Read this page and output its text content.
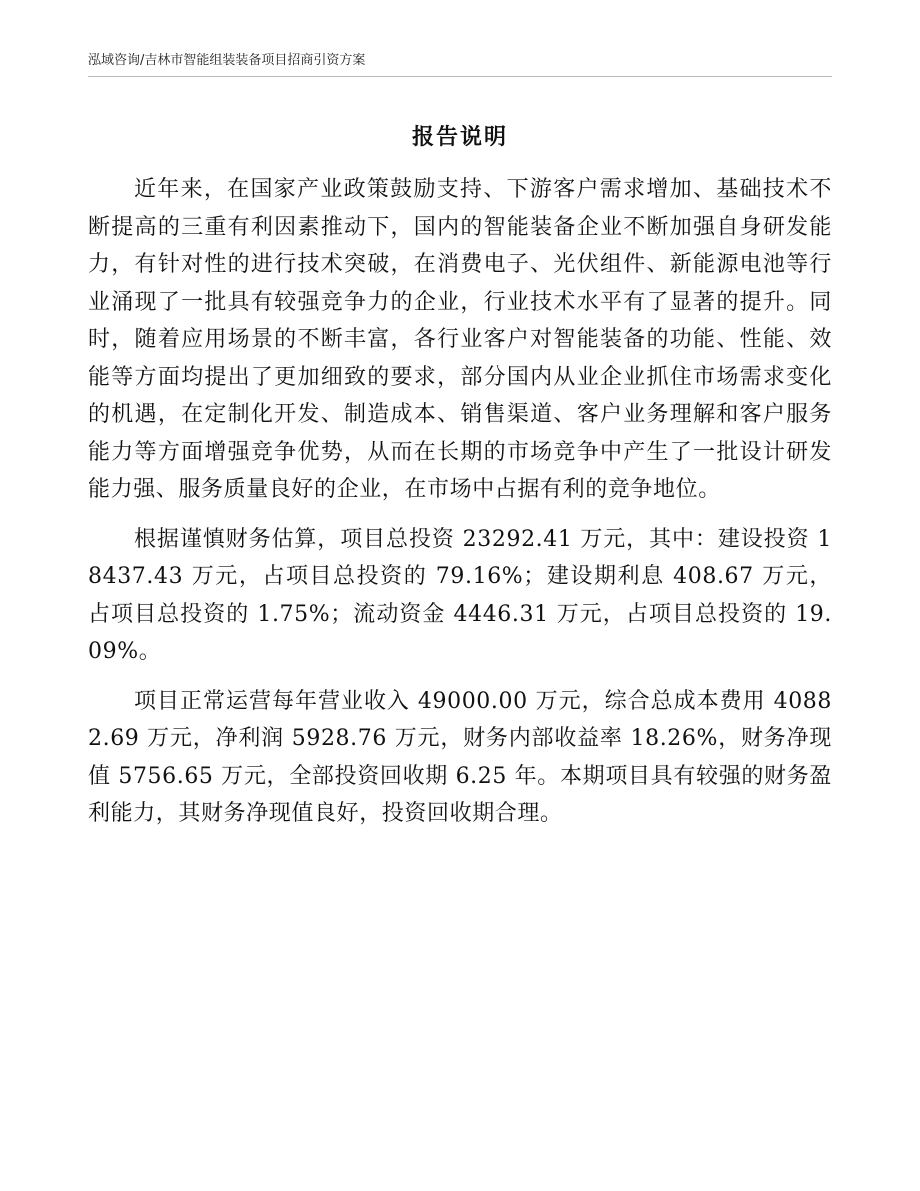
泓域咨询/吉林市智能组装装备项目招商引资方案
报告说明

近年来，在国家产业政策鼓励支持、下游客户需求增加、基础技术不断提高的三重有利因素推动下，国内的智能装备企业不断加强自身研发能力，有针对性的进行技术突破，在消费电子、光伏组件、新能源电池等行业涌现了一批具有较强竞争力的企业，行业技术水平有了显著的提升。同时，随着应用场景的不断丰富，各行业客户对智能装备的功能、性能、效能等方面均提出了更加细致的要求，部分国内从业企业抓住市场需求变化的机遇，在定制化开发、制造成本、销售渠道、客户业务理解和客户服务能力等方面增强竞争优势，从而在长期的市场竞争中产生了一批设计研发能力强、服务质量良好的企业，在市场中占据有利的竞争地位。

根据谨慎财务估算，项目总投资 23292.41 万元，其中：建设投资 18437.43 万元，占项目总投资的 79.16%；建设期利息 408.67 万元，占项目总投资的 1.75%；流动资金 4446.31 万元，占项目总投资的 19.09%。

项目正常运营每年营业收入 49000.00 万元，综合总成本费用 40882.69 万元，净利润 5928.76 万元，财务内部收益率 18.26%，财务净现值 5756.65 万元，全部投资回收期 6.25 年。本期项目具有较强的财务盈利能力，其财务净现值良好，投资回收期合理。
